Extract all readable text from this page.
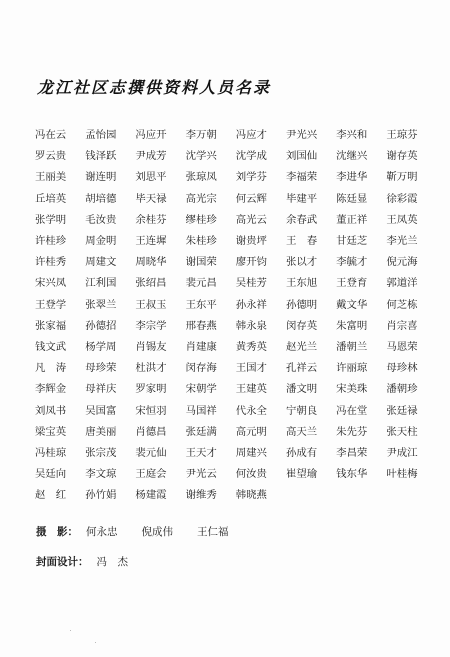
龙江社区志撰供资料人员名录
冯在云	孟怡园	冯应开	李万朝	冯应才	尹光兴	李兴和	王琼芬
罗云贵	钱泽跃	尹成芳	沈学兴	沈学成	刘国仙	沈继兴	谢存英
王丽美	谢连明	刘思平	张琼凤	刘学芬	李福荣	李进华	靳万明
丘培英	胡培德	毕天禄	高光宗	何云辉	毕建平	陈廷显	徐彩霞
张学明	毛汝贵	余桂芬	缪桂珍	高光云	余春武	董正祥	王凤英
许桂珍	周金明	王连墀	朱桂珍	谢贵坪	王　春	甘廷芝	李光兰
许桂秀	周建文	周晓华	谢国荣	廖开钧	张以才	李毓才	倪元海
宋兴凤	江利国	张绍昌	裴元昌	吴桂芳	王东旭	王登育	郭道洋
王登学	张翠兰	王叔玉	王东平	孙永祥	孙德明	戴文华	何芝栋
张家福	孙德招	李宗学	邢春燕	韩永泉	闵存英	朱富明	肖宗喜
钱文武	杨学周	肖锡友	肖建康	黄秀英	赵光兰	潘朝兰	马恩荣
凡　涛	母珍荣	杜洪才	闵存海	王国才	孔祥云	许丽琼	母珍林
李辉金	母祥庆	罗家明	宋朝学	王建英	潘文明	宋美珠	潘朝珍
刘凤书	吴国富	宋恒羽	马国祥	代永全	宁朝良	冯在堂	张廷禄
梁宝英	唐美丽	肖德昌	张廷满	高元明	高天兰	朱先芬	张天柱
冯桂琼	张宗茂	裴元仙	王天才	周建兴	孙成有	李昌荣	尹成江
吴廷向	李文琼	王庭会	尹光云	何汝贵	崔望瑜	钱东华	叶桂梅
赵　红	孙竹娟	杨建霞	谢维秀	韩晓燕
摄　影： 何永忠 倪成伟 王仁福
封面设计： 冯　杰
